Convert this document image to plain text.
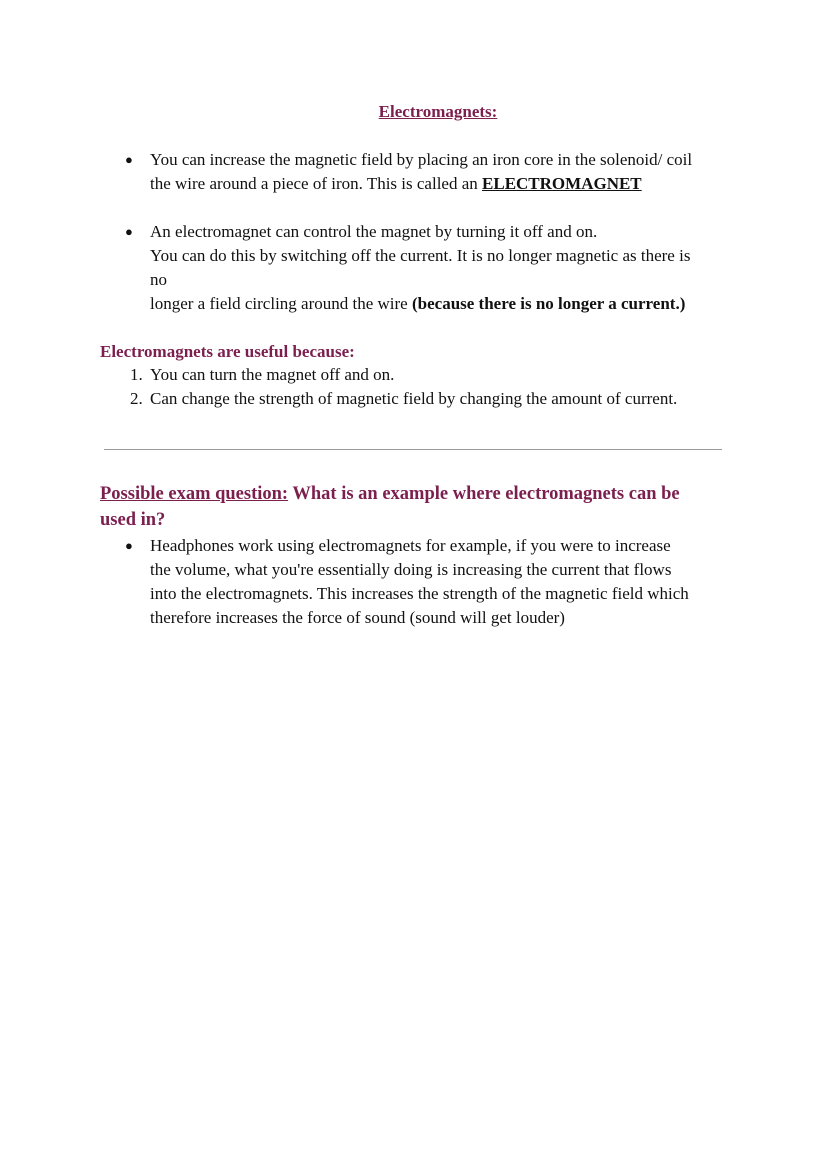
Electromagnets:
● You can increase the magnetic field by placing an iron core in the solenoid/ coil
the wire around a piece of iron. This is called an ELECTROMAGNET
● An electromagnet can control the magnet by turning it off and on.
You can do this by switching off the current. It is no longer magnetic as there is
no
longer a field circling around the wire (because there is no longer a current.)
Electromagnets are useful because:
1. You can turn the magnet off and on.
2. Can change the strength of magnetic field by changing the amount of current.
Possible exam question: What is an example where electromagnets can be
used in?
● Headphones work using electromagnets for example, if you were to increase
the volume, what you're essentially doing is increasing the current that flows
into the electromagnets. This increases the strength of the magnetic field which
therefore increases the force of sound (sound will get louder)
